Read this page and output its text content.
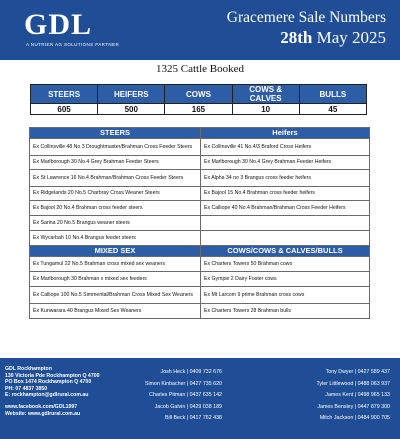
GDL
A NUTRIEN AG SOLUTIONS PARTNER
Gracemere Sale Numbers
28th May 2025
1325 Cattle Booked
STEERS	HEIFERS	COWS	COWS & CALVES	BULLS
605	500	165	10	45
STEERS	Heifers
Ex Collinsville 48 No.3 Droughtmaster/Brahman Cross Feeder Steers	Ex Collinsville 41 No.4/3 Braford Cross Heifers
Ex Marlborough 30 No.4 Grey Brahman Feeder Steers	Ex Marlborough 30 No.4 Grey Brahman Feeder Heifers
Ex St Lawrence 16 No.4 Brahman/Brahman Cross Feeder Steers	Ex Alpha 34 no 3 Brangus cross feeder heifers
Ex Ridgelands 20 No.5 Charbray Cross Weaner Steers	Ex Bajool 15 No.4 Brahman cross feeder heifers
Ex Bajool 20 No.4 Brahman cross feeder steers	Ex Calliope 40 No.4 Brahman/Brahman Cross Feeder Heifers
Ex Sarina 20 No.5 Brangus weaner steers	
Ex Wycarbah 10 No.4 Brangus feeder steers	
MIXED SEX	COWS/COWS & CALVES/BULLS
Ex Tungamul 22 No.5 Brahman cross mixed sex weaners	Ex Charters Towers 50 Brahman cows
Ex Marlborough 30 Brahman x mixed sex feeders	Ex Gympie 2 Dairy Foster cows
Ex Calliope 100 No.5 Simmental/Brahman Cross Mixed Sex Weaners	Ex Mt Larcom 9 prime Brahman cross cows
Ex Kunwarara 40 Brangus Mixed Sex Weaners	Ex Charters Towers 28 Brahman bulls
GDL Rockhampton
130 Victoria Pde Rockhampton Q 4700
PO Box 1474 Rockhampton Q 4700
PH: 07 4837 3850
E: rockhampton@gdlrural.com.au
www.facebook.com/GDL1997
Website: www.gdlrural.com.au
Josh Heck | 0409 732 676
Simon Kinbacher | 0427 735 620
Charles Pitman | 0437 635 142
Jacob Galvin | 0429 038 189
Bill Beck | 0417 762 438
Tony Dwyer | 0427 589 437
Tyler Littlewood | 0488 063 937
James Kent | 0498 965 133
James Bensley | 0447 879 300
Mitch Jackson | 0484 900 705
